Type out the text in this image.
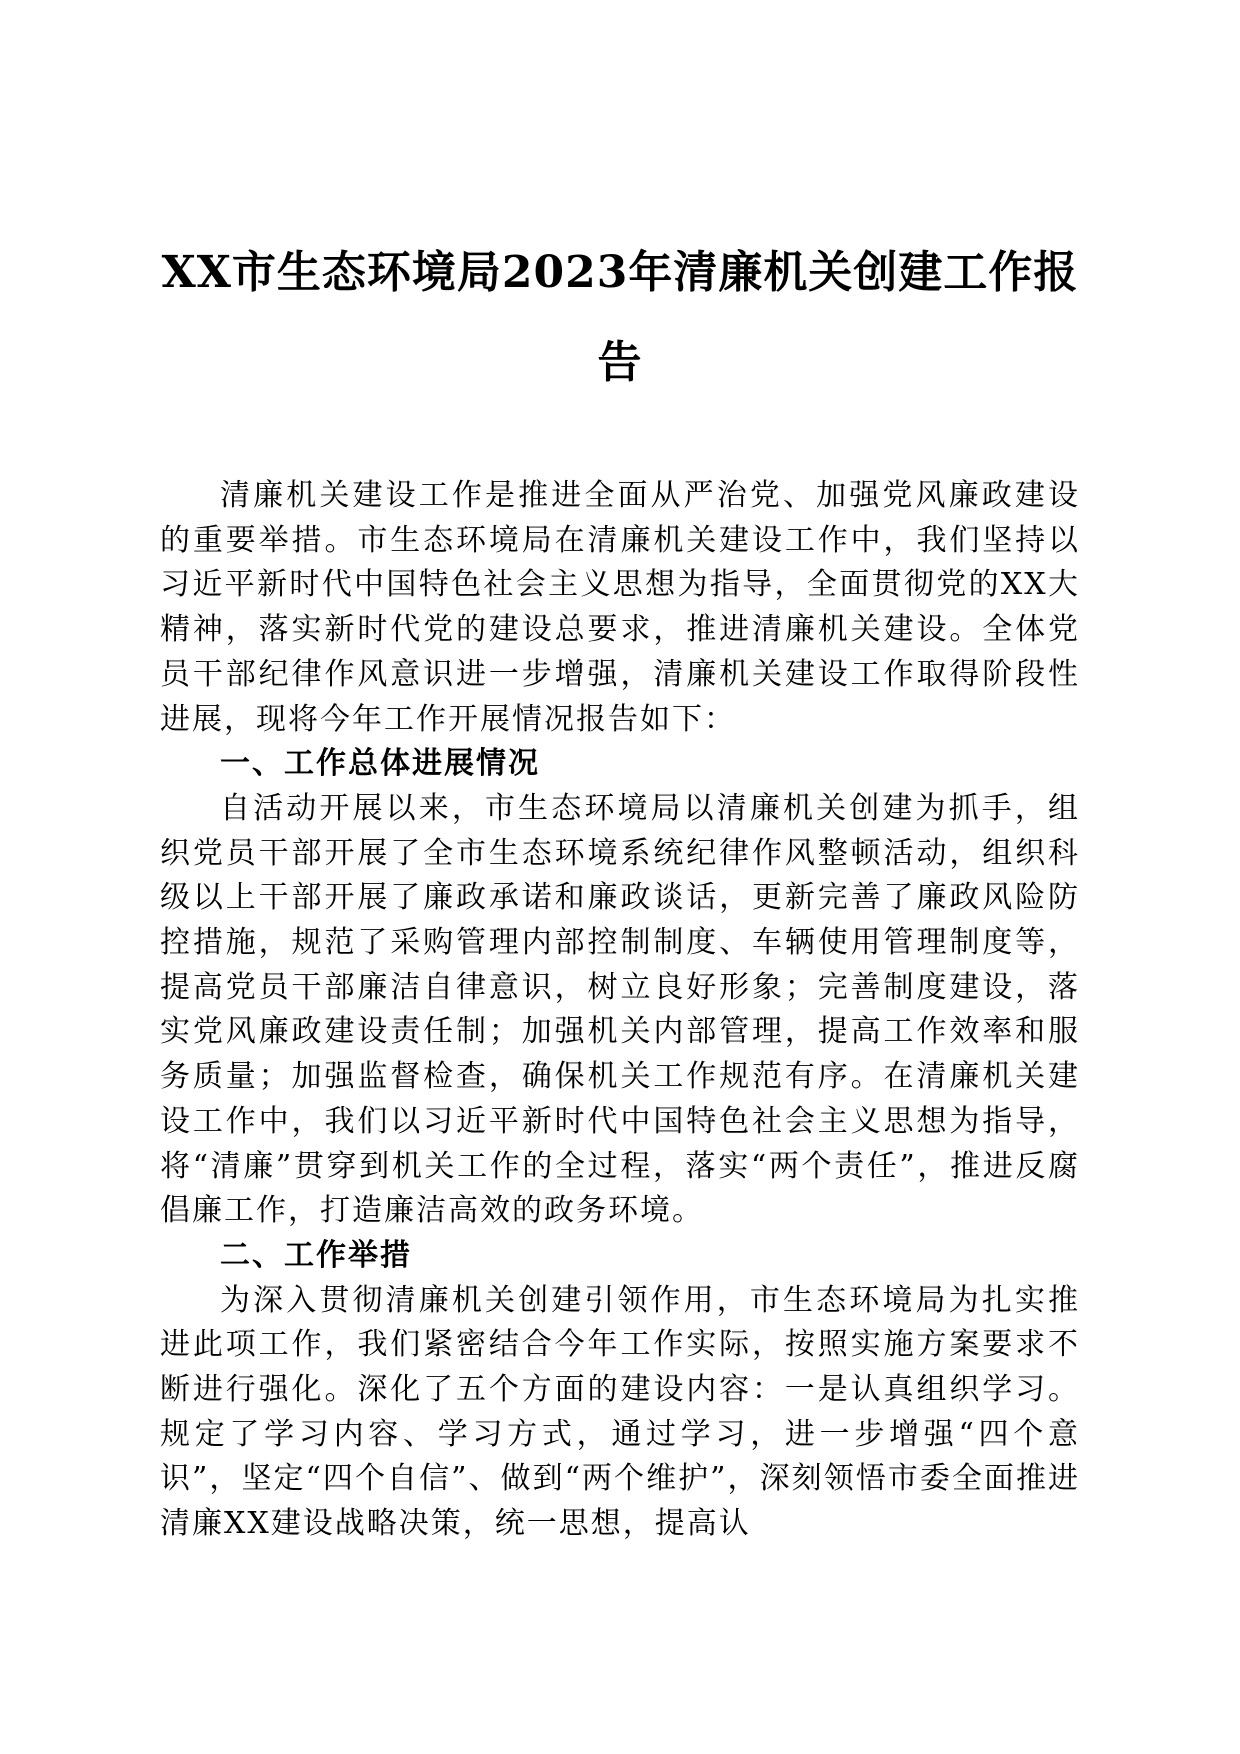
XX市生态环境局2023年清廉机关创建工作报告

清廉机关建设工作是推进全面从严治党、加强党风廉政建设的重要举措。市生态环境局在清廉机关建设工作中，我们坚持以习近平新时代中国特色社会主义思想为指导，全面贯彻党的XX大精神，落实新时代党的建设总要求，推进清廉机关建设。全体党员干部纪律作风意识进一步增强，清廉机关建设工作取得阶段性进展，现将今年工作开展情况报告如下：

一、工作总体进展情况

自活动开展以来，市生态环境局以清廉机关创建为抓手，组织党员干部开展了全市生态环境系统纪律作风整顿活动，组织科级以上干部开展了廉政承诺和廉政谈话，更新完善了廉政风险防控措施，规范了采购管理内部控制制度、车辆使用管理制度等，提高党员干部廉洁自律意识，树立良好形象；完善制度建设，落实党风廉政建设责任制；加强机关内部管理，提高工作效率和服务质量；加强监督检查，确保机关工作规范有序。在清廉机关建设工作中，我们以习近平新时代中国特色社会主义思想为指导，将“清廉”贯穿到机关工作的全过程，落实“两个责任”，推进反腐倡廉工作，打造廉洁高效的政务环境。

二、工作举措

为深入贯彻清廉机关创建引领作用，市生态环境局为扎实推进此项工作，我们紧密结合今年工作实际，按照实施方案要求不断进行强化。深化了五个方面的建设内容：一是认真组织学习。规定了学习内容、学习方式，通过学习，进一步增强“四个意识”，坚定“四个自信”、做到“两个维护”，深刻领悟市委全面推进清廉XX建设战略决策，统一思想，提高认
